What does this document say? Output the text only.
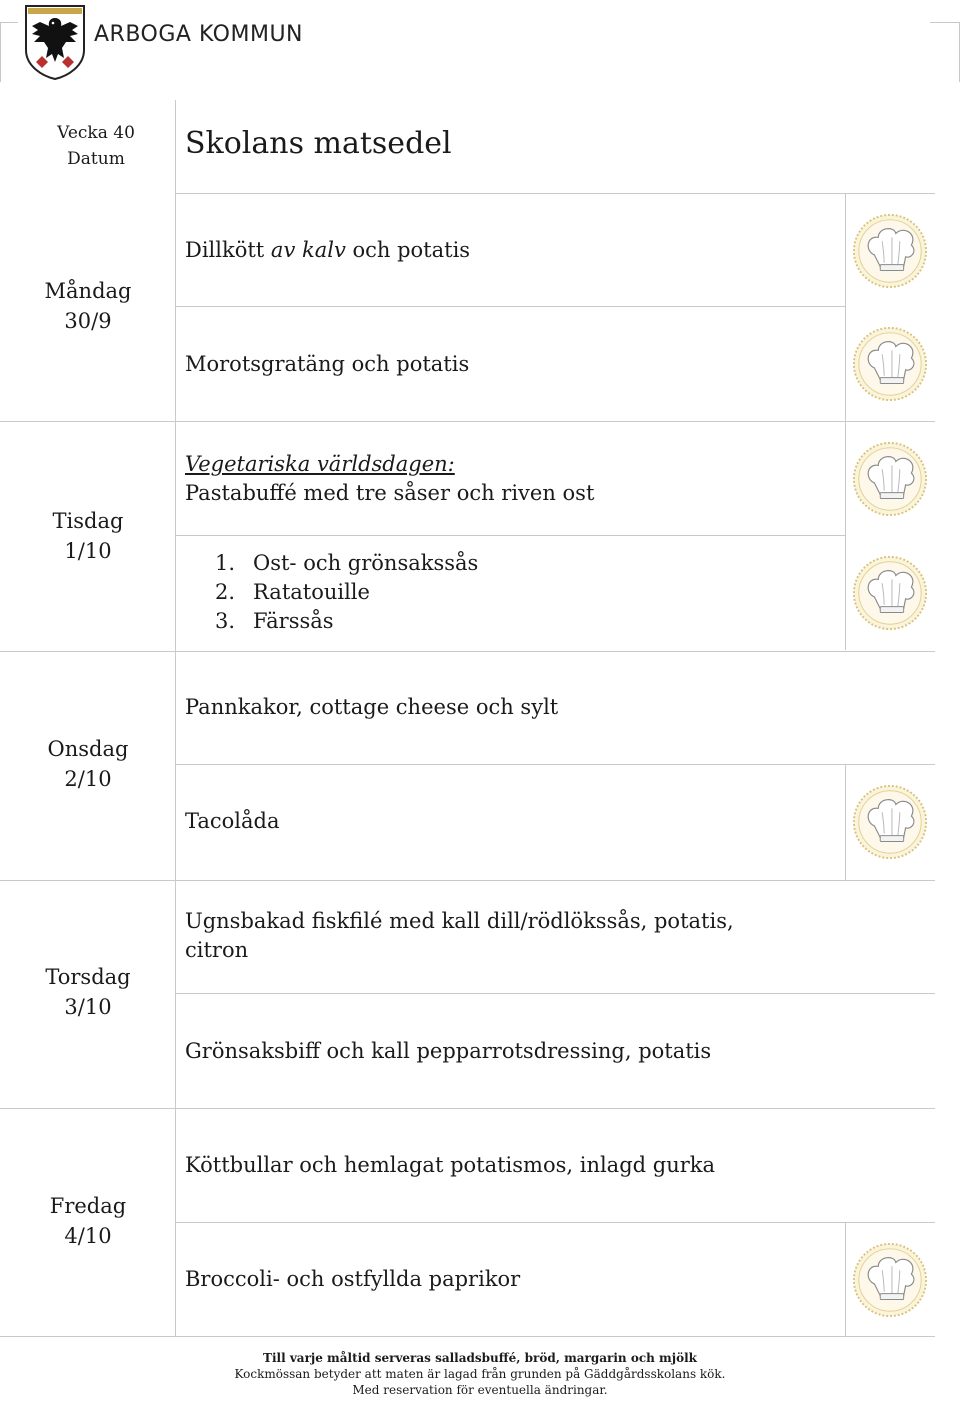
ARBOGA KOMMUN
Vecka 40
Datum	Skolans matsedel
Måndag
30/9
Dillkött av kalv och potatis
Morotsgratäng och potatis
Tisdag
1/10
Vegetariska världsdagen:
Pastabuffé med tre såser och riven ost
1. Ost- och grönsakssås
2. Ratatouille
3. Färssås
Onsdag
2/10
Pannkakor, cottage cheese och sylt
Tacolåda
Torsdag
3/10
Ugnsbakad fiskfilé med kall dill/rödlökssås, potatis,
citron
Grönsaksbiff och kall pepparrotsdressing, potatis
Fredag
4/10
Köttbullar och hemlagat potatismos, inlagd gurka
Broccoli- och ostfyllda paprikor
Till varje måltid serveras salladsbuffé, bröd, margarin och mjölk
Kockmössan betyder att maten är lagad från grunden på Gäddgårdsskolans kök.
Med reservation för eventuella ändringar.
